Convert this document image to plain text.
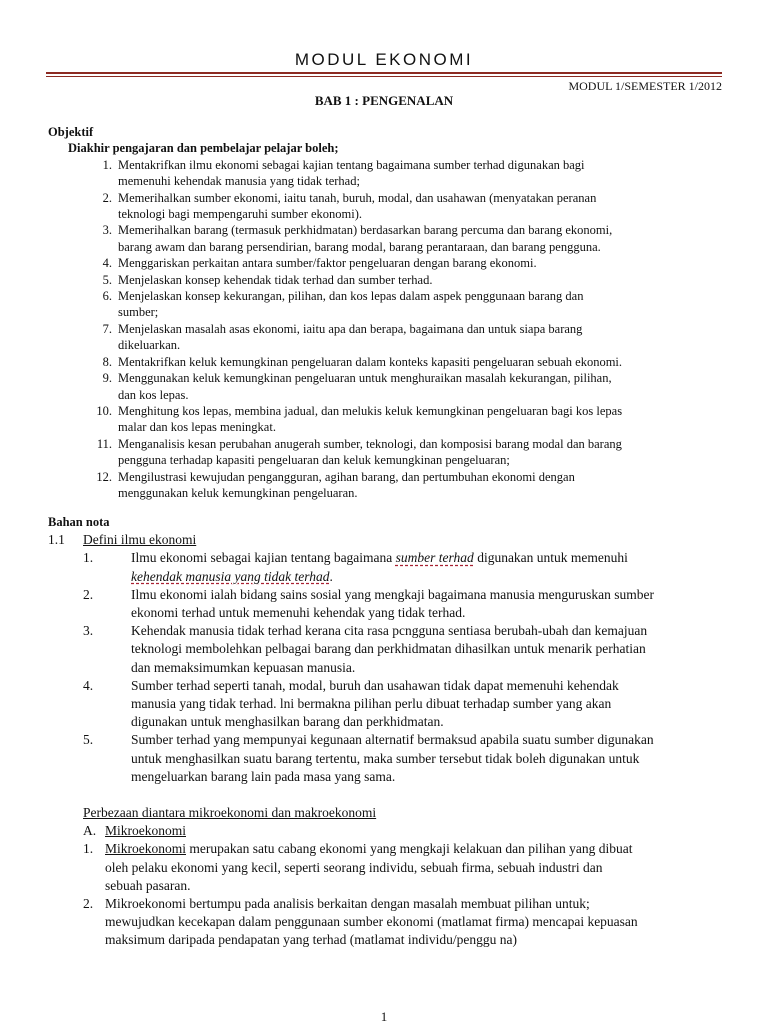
MODUL EKONOMI
MODUL 1/SEMESTER 1/2012
BAB 1 : PENGENALAN
Objektif
Diakhir pengajaran dan pembelajar pelajar boleh;
1. Mentakrifkan ilmu ekonomi sebagai kajian tentang bagaimana sumber terhad digunakan bagi
memenuhi kehendak manusia yang tidak terhad;
2. Memerihalkan sumber ekonomi, iaitu tanah, buruh, modal, dan usahawan (menyatakan peranan
teknologi bagi mempengaruhi sumber ekonomi).
3. Memerihalkan barang (termasuk perkhidmatan) berdasarkan barang percuma dan barang ekonomi,
barang awam dan barang persendirian, barang modal, barang perantaraan, dan barang pengguna.
4. Menggariskan perkaitan antara sumber/faktor pengeluaran dengan barang ekonomi.
5. Menjelaskan konsep kehendak tidak terhad dan sumber terhad.
6. Menjelaskan konsep kekurangan, pilihan, dan kos lepas dalam aspek penggunaan barang dan
sumber;
7. Menjelaskan masalah asas ekonomi, iaitu apa dan berapa, bagaimana dan untuk siapa barang
dikeluarkan.
8. Mentakrifkan keluk kemungkinan pengeluaran dalam konteks kapasiti pengeluaran sebuah ekonomi.
9. Menggunakan keluk kemungkinan pengeluaran untuk menghuraikan masalah kekurangan, pilihan,
dan kos lepas.
10. Menghitung kos lepas, membina jadual, dan melukis keluk kemungkinan pengeluaran bagi kos lepas
malar dan kos lepas meningkat.
11. Menganalisis kesan perubahan anugerah sumber, teknologi, dan komposisi barang modal dan barang
pengguna terhadap kapasiti pengeluaran dan keluk kemungkinan pengeluaran;
12. Mengilustrasi kewujudan pengangguran, agihan barang, dan pertumbuhan ekonomi dengan
menggunakan keluk kemungkinan pengeluaran.
Bahan nota
1.1	Defini ilmu ekonomi
1.	Ilmu ekonomi sebagai kajian tentang bagaimana sumber terhad digunakan untuk memenuhi
kehendak manusia yang tidak terhad.
2.	Ilmu ekonomi ialah bidang sains sosial yang mengkaji bagaimana manusia menguruskan sumber
ekonomi terhad untuk memenuhi kehendak yang tidak terhad.
3.	Kehendak manusia tidak terhad kerana cita rasa pcngguna sentiasa berubah-ubah dan kemajuan
teknologi membolehkan pelbagai barang dan perkhidmatan dihasilkan untuk menarik perhatian
dan memaksimumkan kepuasan manusia.
4.	Sumber terhad seperti tanah, modal, buruh dan usahawan tidak dapat memenuhi kehendak
manusia yang tidak terhad. lni bermakna pilihan perlu dibuat terhadap sumber yang akan
digunakan untuk menghasilkan barang dan perkhidmatan.
5.	Sumber terhad yang mempunyai kegunaan alternatif bermaksud apabila suatu sumber digunakan
untuk menghasilkan suatu barang tertentu, maka sumber tersebut tidak boleh digunakan untuk
mengeluarkan barang lain pada masa yang sama.
Perbezaan diantara mikroekonomi dan makroekonomi
A. Mikroekonomi
1. Mikroekonomi merupakan satu cabang ekonomi yang mengkaji kelakuan dan pilihan yang dibuat
oleh pelaku ekonomi yang kecil, seperti seorang individu, sebuah firma, sebuah industri dan
sebuah pasaran.
2. Mikroekonomi bertumpu pada analisis berkaitan dengan masalah membuat pilihan untuk;
mewujudkan kecekapan dalam penggunaan sumber ekonomi (matlamat firma) mencapai kepuasan
maksimum daripada pendapatan yang terhad (matlamat individu/penggu na)
1
